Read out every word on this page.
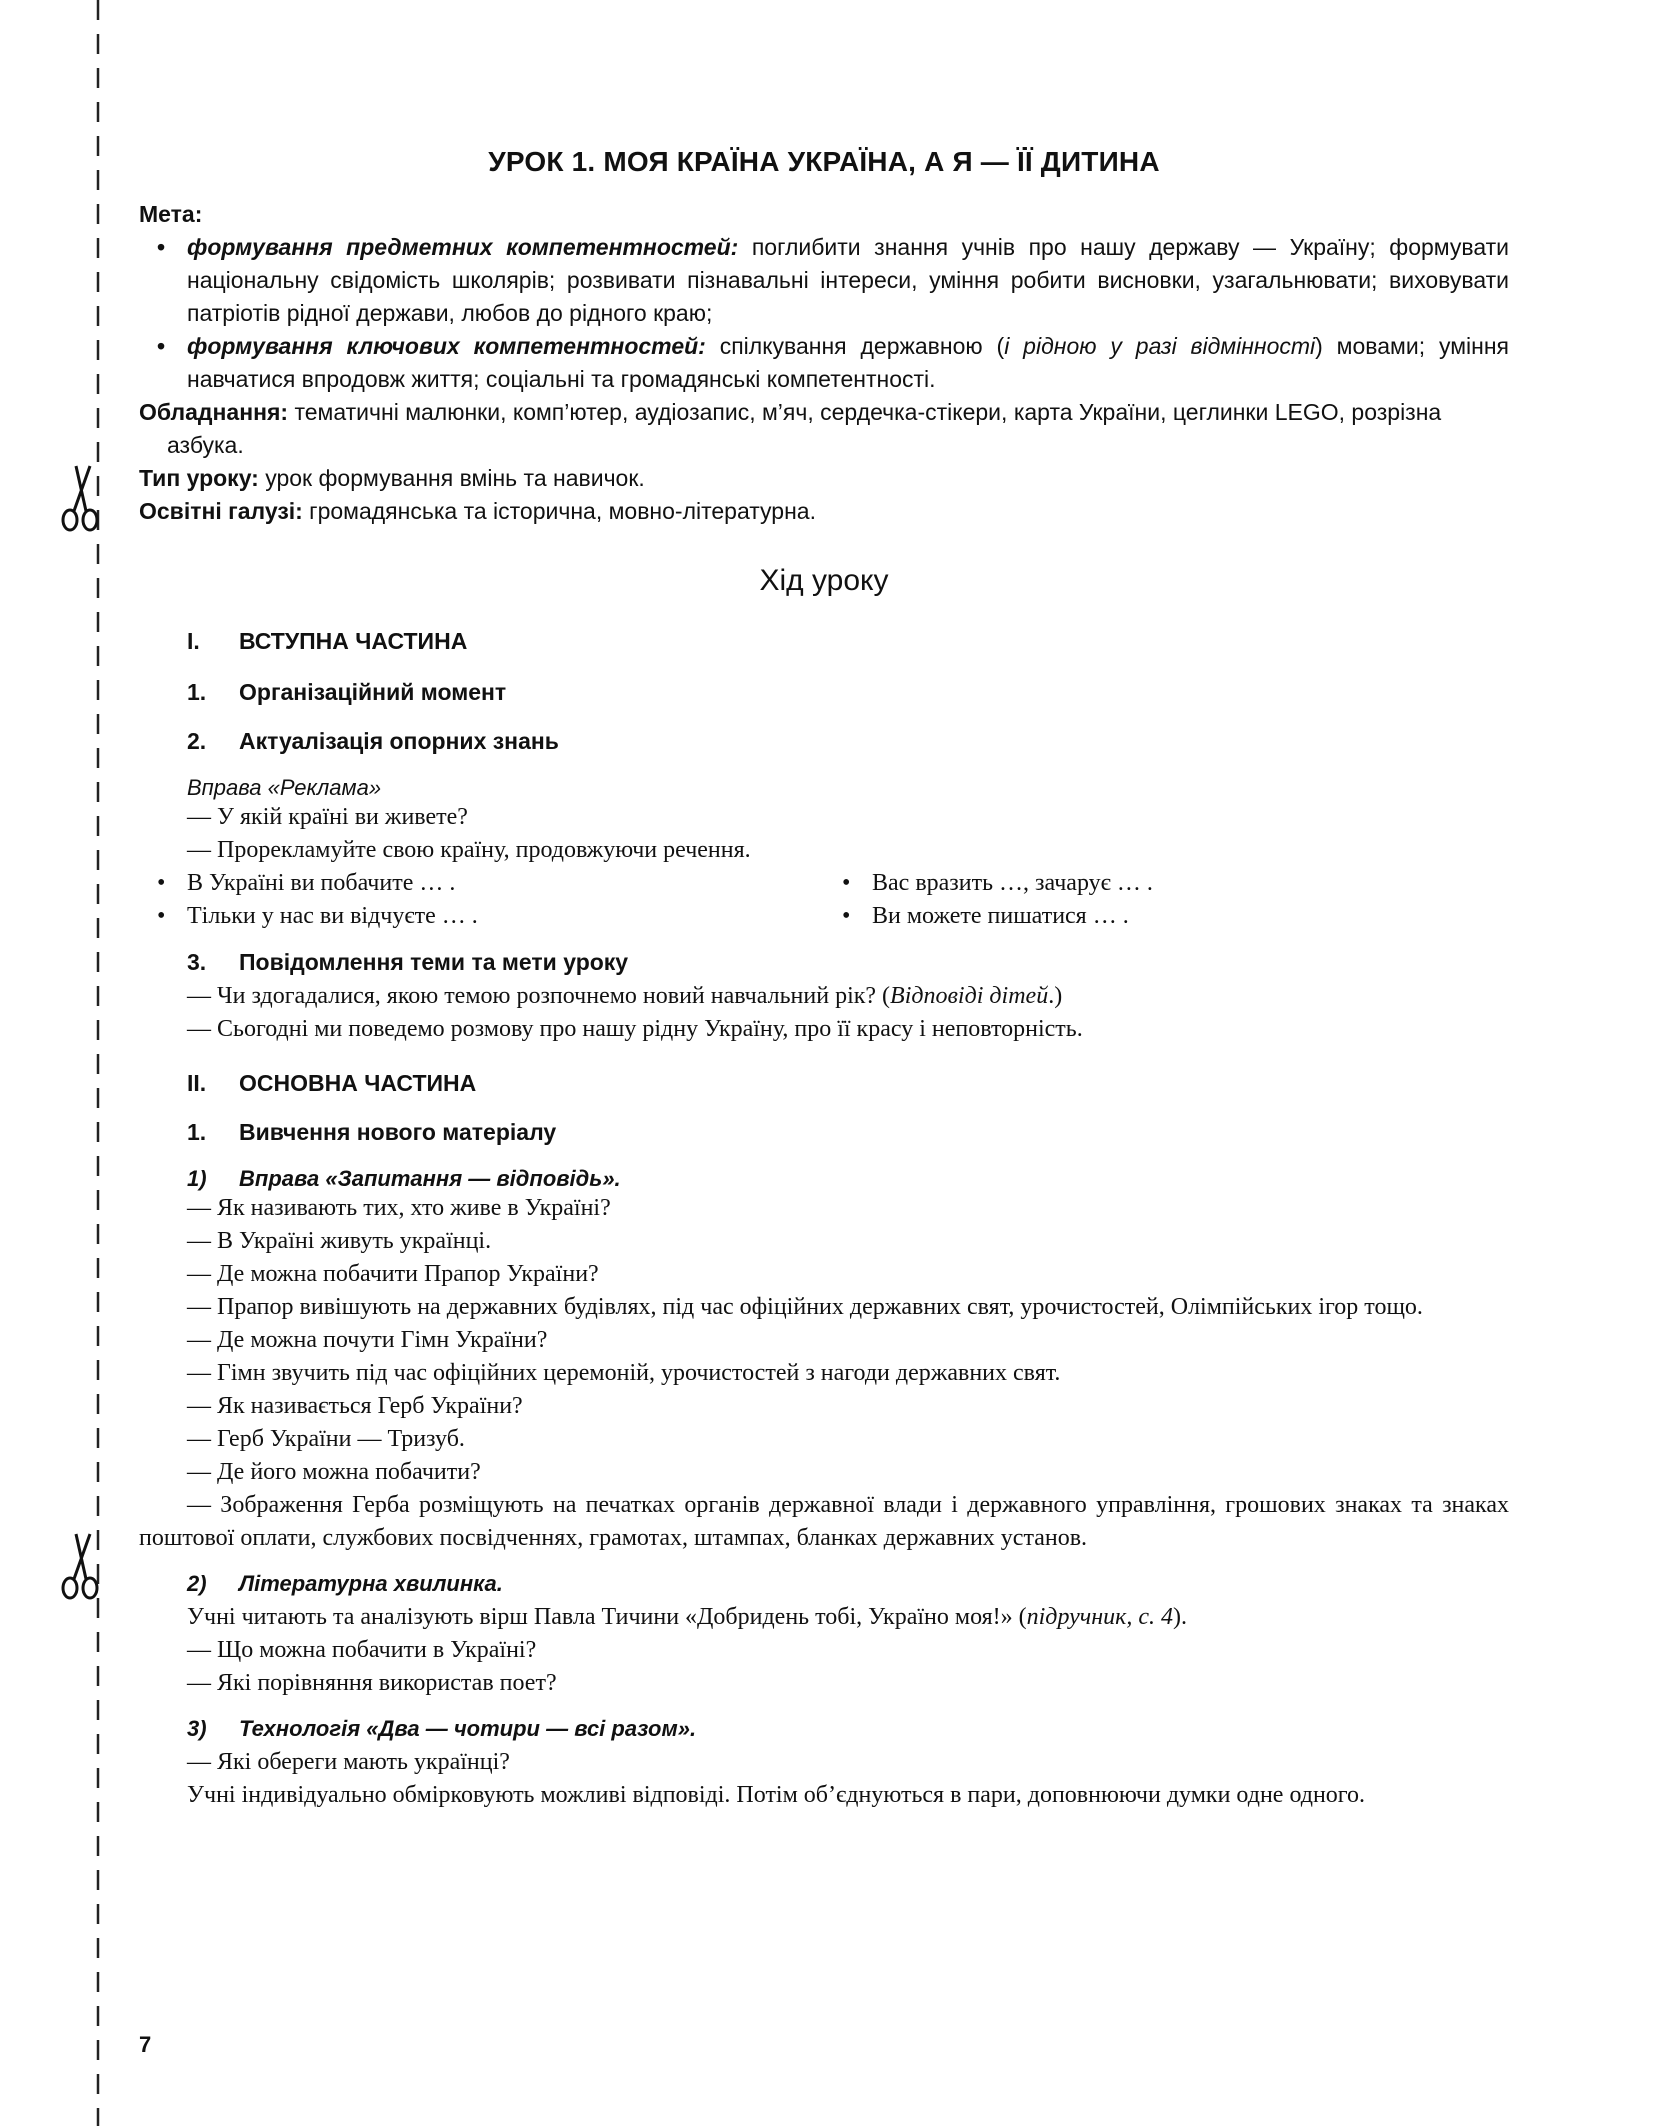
УРОК 1. МОЯ КРАЇНА УКРАЇНА, А Я — ЇЇ ДИТИНА
Мета:
• формування предметних компетентностей: поглибити знання учнів про нашу державу — Україну; формувати національну свідомість школярів; розвивати пізнавальні інтереси, уміння робити висновки, узагальнювати; виховувати патріотів рідної держави, любов до рідного краю;
• формування ключових компетентностей: спілкування державною (і рідною у разі відмінності) мовами; уміння навчатися впродовж життя; соціальні та громадянські компетентності.
Обладнання: тематичні малюнки, комп’ютер, аудіозапис, м’яч, сердечка-стікери, карта України, цеглинки LEGO, розрізна азбука.
Тип уроку: урок формування вмінь та навичок.
Освітні галузі: громадянська та історична, мовно-літературна.
Хід уроку
I.	ВСТУПНА ЧАСТИНА
1.	Організаційний момент
2.	Актуалізація опорних знань
Вправа «Реклама»
— У якій країні ви живете?
— Прорекламуйте свою країну, продовжуючи речення.
• В Україні ви побачите … .
• Тільки у нас ви відчуєте … .
• Вас вразить …, зачарує … .
• Ви можете пишатися … .
3.	Повідомлення теми та мети уроку
— Чи здогадалися, якою темою розпочнемо новий навчальний рік? (Відповіді дітей.)
— Сьогодні ми поведемо розмову про нашу рідну Україну, про її красу і неповторність.
II.	ОСНОВНА ЧАСТИНА
1.	Вивчення нового матеріалу
1)	Вправа «Запитання — відповідь».
— Як називають тих, хто живе в Україні?
— В Україні живуть українці.
— Де можна побачити Прапор України?
— Прапор вивішують на державних будівлях, під час офіційних державних свят, урочистостей, Олімпійських ігор тощо.
— Де можна почути Гімн України?
— Гімн звучить під час офіційних церемоній, урочистостей з нагоди державних свят.
— Як називається Герб України?
— Герб України — Тризуб.
— Де його можна побачити?
— Зображення Герба розміщують на печатках органів державної влади і державного управління, грошових знаках та знаках поштової оплати, службових посвідченнях, грамотах, штампах, бланках державних установ.
2)	Літературна хвилинка.
Учні читають та аналізують вірш Павла Тичини «Добридень тобі, Україно моя!» (підручник, с. 4).
— Що можна побачити в Україні?
— Які порівняння використав поет?
3)	Технологія «Два — чотири — всі разом».
— Які обереги мають українці?
Учні індивідуально обмірковують можливі відповіді. Потім об’єднуються в пари, доповнюючи думки одне одного.
7
